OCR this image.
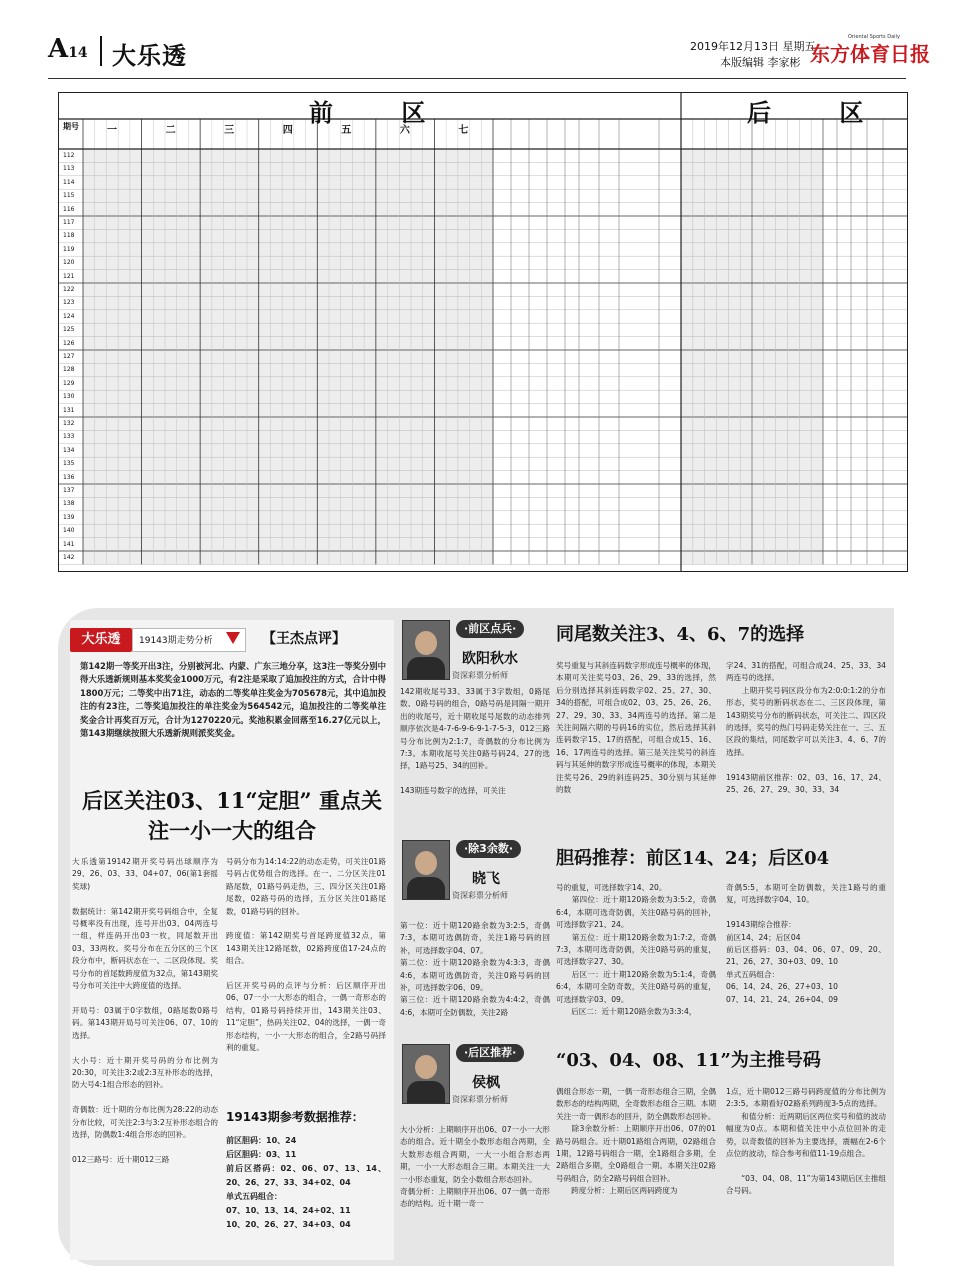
A14 大乐透	2019年12月13日 星期五
本版编辑 李家彬
Oriental Sports Daily
东方体育日报
前 区	后 区
期号	一	二	三	四	五	六	七
112
113
114
115
116
117
118
119
120
121
122
123
124
125
126
127
128
129
130
131
132
133
134
135
136
137
138
139
140
141
142
大乐透	19143期走势分析	【王杰点评】
第142期一等奖开出3注，分别被河北、内蒙、广东三地分享，这3注一等奖分别中得大乐透新规则基本奖奖金1000万元，有2注是采取了追加投注的方式，合计中得1800万元；二等奖中出71注，动态的二等奖单注奖金为705678元，其中追加投注的有23注，二等奖追加投注的单注奖金为564542元，追加投注的二等奖单注奖金合计再奖百万元，合计为1270220元。奖池积累金回落至16.27亿元以上，第143期继续按照大乐透新规则派奖奖金。
后区关注03、11“定胆” 重点关注一小一大的组合
大乐透第19142期开奖号码出球顺序为29、26、03、33、04+07、06(第1套摇奖球)

数据统计：第142期开奖号码组合中，全复号概率没有出现，连号开出03、04两连号一组，样连码开出03一枚，同尾数开出03、33两枚。奖号分布在五分区的三个区段分布中，断码状态在一、二区段体现。奖号分布的首尾数跨度值为32点，第143期奖号分布可关注中大跨度值的选择。

开局号：03属于0字数组，0路尾数0路号码。第143期开局号可关注06、07、10的选择。

大小号：近十期开奖号码的分布比例为20:30，可关注3:2或2:3互补形态的选择，防大号4:1组合形态的回补。

奇偶数：近十期的分布比例为28:22的动态分布比较，可关注2:3与3:2互补形态组合的选择，防偶数1:4组合形态的回补。

012三路号：近十期012三路
号码分布为14:14:22的动态走势，可关注01路号码占优势组合的选择。在一、二分区关注01路尾数，01路号码走热，三、四分区关注01路尾数，02路号码的选择，五分区关注01路尾数，01路号码的回补。

跨度值：第142期奖号首尾跨度值32点，第143期关注12路尾数，02路跨度值17-24点的组合。

后区开奖号码的点评与分析：后区顺序开出06、07一小一大形态的组合，一偶一奇形态的结构，01路号码持续开出，143期关注03、11“定胆”，热码关注02、04的选择，一偶一奇形态结构，一小一大形态的组合，全2路号码择利的重复。
19143期参考数据推荐：
前区胆码：10、24
后区胆码：03、11
前后区搭码：02、06、07、13、14、20、26、27、33、34+02、04
单式五码组合：
07、10、13、14、24+02、11
10、20、26、27、34+03、04
·前区点兵·
欧阳秋水
资深彩票分析师
142期收尾号33、33属于3字数组，0路尾数、0路号码的组合，0路号码是同隔一期开出的收尾号，近十期收尾号尾数的动态排列顺序依次是4-7-6-9-6-9-1-7-5-3，012三路号分布比例为2:1:7，奇偶数的分布比例为7:3。本期收尾号关注0路号码24、27的选择，1路号25、34的回补。

143期连号数字的选择，可关注
·除3余数·
晓飞
资深彩票分析师
第一位：近十期120路余数为3:2:5，奇偶7:3，本期可选偶防奇，关注1路号码的回补，可选择数字04、07。
第二位：近十期120路余数为4:3:3，奇偶4:6，本期可选偶防奇，关注0路号码的回补，可选择数字06、09。
第三位：近十期120路余数为4:4:2，奇偶4:6，本期可全防偶数，关注2路
·后区推荐·
侯枫
资深彩票分析师
大小分析：上期顺序开出06、07一小一大形态的组合。近十期全小数形态组合两期，全大数形态组合两期，一大一小组合形态两期，一小一大形态组合三期。本期关注一大一小形态重复，防全小数组合形态回补。
奇偶分析：上期顺序开出06、07一偶一奇形态的结构。近十期一奇一
同尾数关注3、4、6、7的选择
奖号重复与其斜连码数字形成连号概率的体现，本期可关注奖号03、26、29、33的选择，然后分别选择其斜连码数字02、25、27、30、34的搭配，可组合成02、03、25、26、26、27、29、30、33、34两连号的选择。第二是关注间隔六期的号码16的实位，然后选择其斜连码数字15、17的搭配，可组合成15、16、16、17两连号的选择。第三是关注奖号的斜连码与其延伸的数字形成连号概率的体现，本期关注奖号26、29的斜连码25、30分别与其延伸的数
字24、31的搭配，可组合成24、25、33、34两连号的选择。
　　上期开奖号码区段分布为2:0:0:1:2的分布形态，奖号的断码状态在二、三区段体现，第143期奖号分布的断码状态，可关注二、四区段的选择，奖号的热门号码走势关注在一、三、五区段的集结，同尾数字可以关注3、4、6、7的选择。

19143期前区推荐：02、03、16、17、24、25、26、27、29、30、33、34
胆码推荐：前区14、24；后区04
号的重复，可选择数字14、20。
　　第四位：近十期120路余数为3:5:2，奇偶6:4，本期可选奇防偶，关注0路号码的回补，可选择数字21、24。
　　第五位：近十期120路余数为1:7:2，奇偶7:3，本期可选奇防偶，关注0路号码的重复，可选择数字27、30。
　　后区一：近十期120路余数为5:1:4，奇偶6:4，本期可全防奇数，关注0路号码的重复，可选择数字03、09。
　　后区二：近十期120路余数为3:3:4，
奇偶5:5，本期可全防偶数，关注1路号的重复，可选择数字04、10。

19143期综合推荐：
前区14、24；后区04
前后区搭码：03、04、06、07、09、20、21、26、27、30+03、09、10
单式五码组合：
06、14、24、26、27+03、10
07、14、21、24、26+04、09
“03、04、08、11”为主推号码
偶组合形态一期，一偶一奇形态组合三期，全偶数形态的结构两期，全奇数形态组合三期。本期关注一奇一偶形态的回升，防全偶数形态回补。
　　除3余数分析：上期顺序开出06、07的01路号码组合。近十期01路组合两期，02路组合1期，12路号码组合一期，全1路组合多期，全2路组合多期，全0路组合一期。本期关注02路号码组合，防全2路号码组合回补。
　　跨度分析：上期后区两码跨度为
1点，近十期012三路号码跨度值的分布比例为2:3:5。本期看好02路系列跨度3-5点的选择。
　　和值分析：近两期后区两位奖号和值的波动幅度为0点。本期和值关注中小点位回补的走势，以奇数值的回补为主要选择，震幅在2-6个点位的波动，综合参考和值11-19点组合。

　　“03、04、08、11”为第143期后区主推组合号码。
